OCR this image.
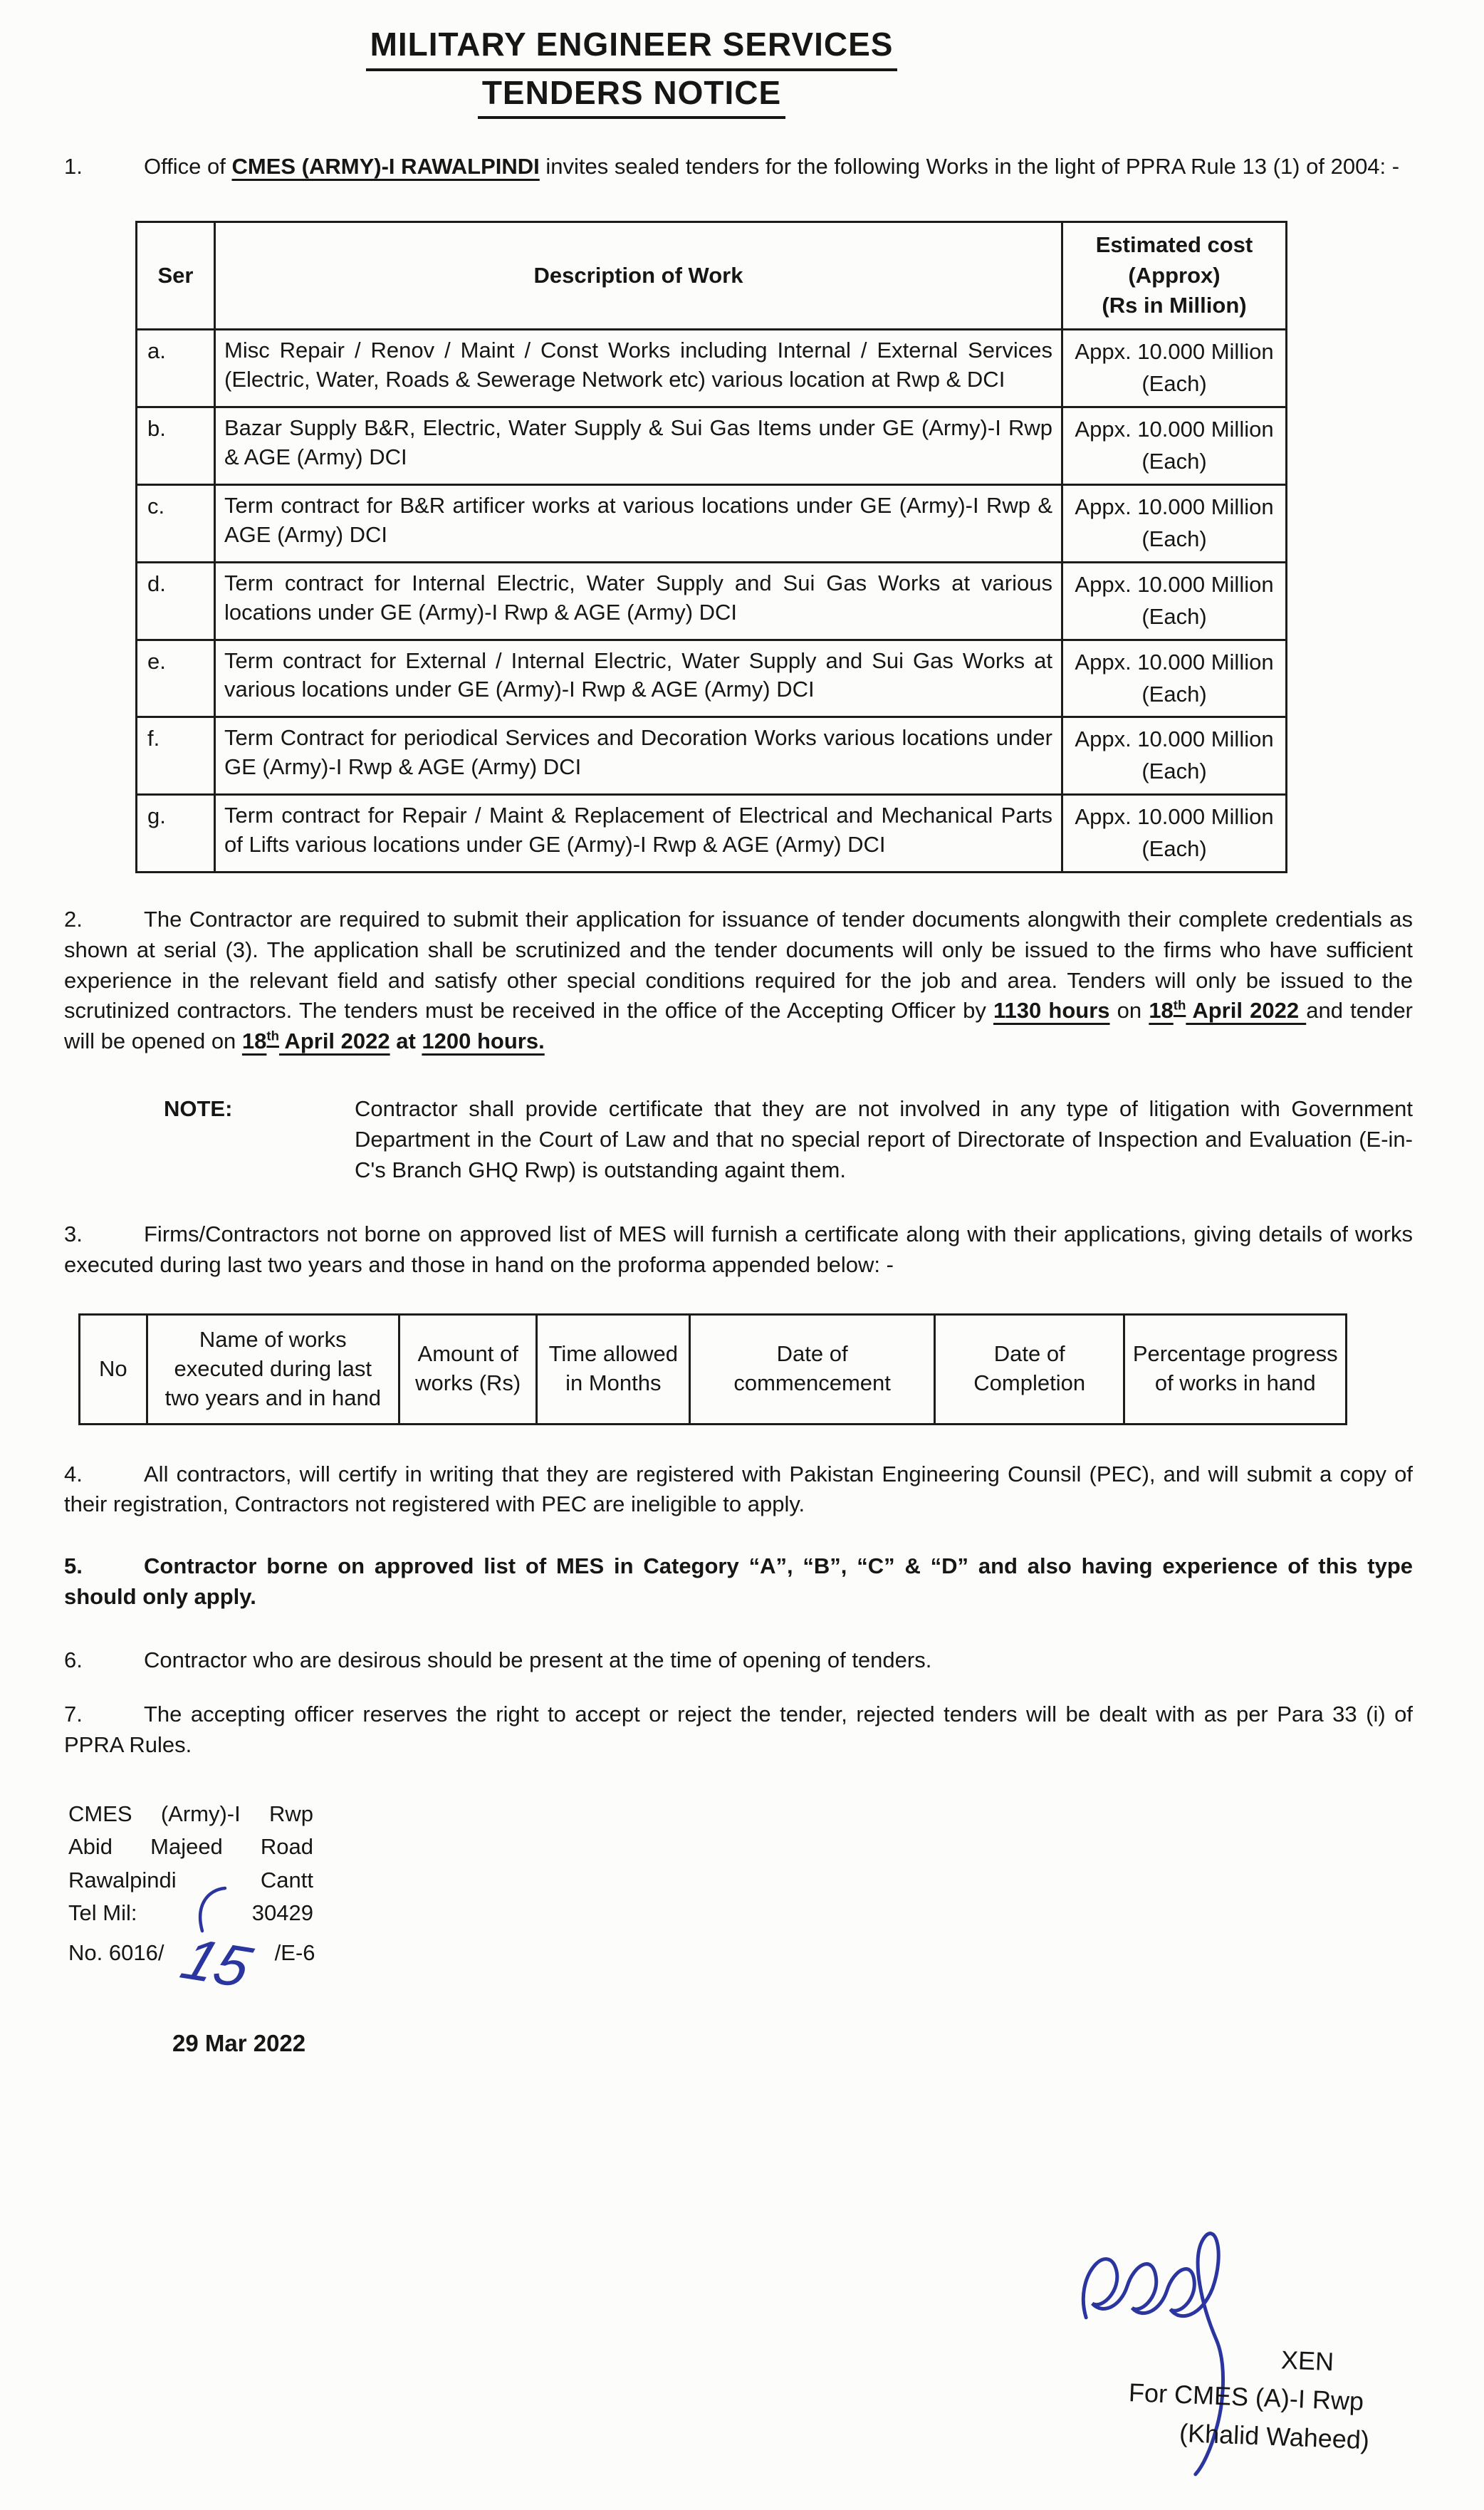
MILITARY ENGINEER SERVICES
TENDERS NOTICE

1.	Office of CMES (ARMY)-I RAWALPINDI invites sealed tenders for the following Works in the light of PPRA Rule 13 (1) of 2004: -

Ser	Description of Work	Estimated cost
(Approx)
(Rs in Million)

a.	Misc Repair / Renov / Maint / Const Works including Internal / External Services (Electric, Water, Roads & Sewerage Network etc) various location at Rwp & DCI	Appx. 10.000 Million (Each)
b.	Bazar Supply B&R, Electric, Water Supply & Sui Gas Items under GE (Army)-I Rwp & AGE (Army) DCI	Appx. 10.000 Million (Each)
c.	Term contract for B&R artificer works at various locations under GE (Army)-I Rwp & AGE (Army) DCI	Appx. 10.000 Million (Each)
d.	Term contract for Internal Electric, Water Supply and Sui Gas Works at various locations under GE (Army)-I Rwp & AGE (Army) DCI	Appx. 10.000 Million (Each)
e.	Term contract for External / Internal Electric, Water Supply and Sui Gas Works at various locations under GE (Army)-I Rwp & AGE (Army) DCI	Appx. 10.000 Million (Each)
f.	Term Contract for periodical Services and Decoration Works various locations under GE (Army)-I Rwp & AGE (Army) DCI	Appx. 10.000 Million (Each)
g.	Term contract for Repair / Maint & Replacement of Electrical and Mechanical Parts of Lifts various locations under GE (Army)-I Rwp & AGE (Army) DCI	Appx. 10.000 Million (Each)

2.	The Contractor are required to submit their application for issuance of tender documents alongwith their complete credentials as shown at serial (3). The application shall be scrutinized and the tender documents will only be issued to the firms who have sufficient experience in the relevant field and satisfy other special conditions required for the job and area. Tenders will only be issued to the scrutinized contractors. The tenders must be received in the office of the Accepting Officer by 1130 hours on 18th April 2022 and tender will be opened on 18th April 2022 at 1200 hours.

NOTE:	Contractor shall provide certificate that they are not involved in any type of litigation with Government Department in the Court of Law and that no special report of Directorate of Inspection and Evaluation (E-in-C's Branch GHQ Rwp) is outstanding againt them.

3.	Firms/Contractors not borne on approved list of MES will furnish a certificate along with their applications, giving details of works executed during last two years and those in hand on the proforma appended below: -

No	Name of works executed during last two years and in hand	Amount of works (Rs)	Time allowed in Months	Date of commencement	Date of Completion	Percentage progress of works in hand

4.	All contractors, will certify in writing that they are registered with Pakistan Engineering Counsil (PEC), and will submit a copy of their registration, Contractors not registered with PEC are ineligible to apply.

5.	Contractor borne on approved list of MES in Category “A”, “B”, “C” & “D” and also having experience of this type should only apply.

6.	Contractor who are desirous should be present at the time of opening of tenders.

7.	The accepting officer reserves the right to accept or reject the tender, rejected tenders will be dealt with as per Para 33 (i) of PPRA Rules.

CMES (Army)-I Rwp
Abid Majeed Road
Rawalpindi	Cantt
Tel Mil:	30429
No. 6016/ 15 /E-6
29 Mar 2022
XEN
For CMES (A)-I Rwp
(Khalid Waheed)
